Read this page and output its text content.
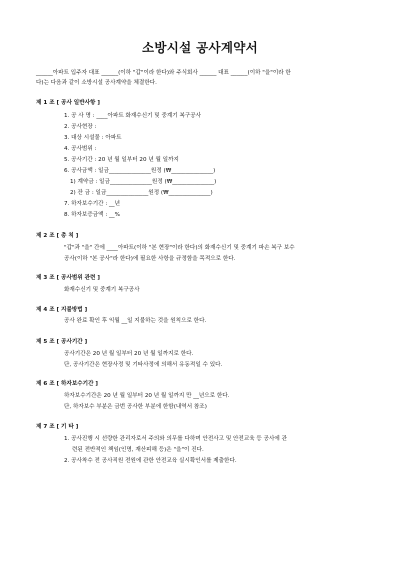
소방시설 공사계약서
______아파트 입주자 대표 ______(이하 "갑"이라 한다)와 주식회사 ______ 대표 ______(이하 "을"이라 한
다)는 다음과 같이 소방시설 공사계약을 체결한다.
제 1 조 [ 공사 일반사항 ]
1. 공 사 명 : ____아파트 화재수신기 및 중계기 복구공사
2. 공사현장 :
3. 대상 시설물 : 아파트
4. 공사범위 :
5. 공사기간 : 20 년 월 일부터 20 년 월 일까지
6. 공사금액 : 일금_______________원정 (₩_______________)
1) 계약금 : 일금_______________원정 (₩_______________)
2) 잔 금 : 일금_______________원정 (₩_______________)
7. 하자보수기간 : __년
8. 하자보증금액 : __%
제 2 조 [ 총 칙 ]
"갑"과 "을" 간에 ____아파트(이하 "본 현장"이라 한다)의 화재수신기 및 중계기 파손 복구 보수
공사(이하 "본 공사"라 한다)에 필요한 사항을 규정함을 목적으로 한다.
제 3 조 [ 공사범위 관련 ]
화재수신기 및 중계기 복구공사
제 4 조 [ 지불방법 ]
공사 완료 확인 후 익월 __일 지불하는 것을 원칙으로 한다.
제 5 조 [ 공사기간 ]
공사기간은 20 년 월 일부터 20 년 월 일까지로 한다.
단, 공사기간은 현장사정 및 기타사정에 의해서 유동적일 수 있다.
제 6 조 [ 하자보수기간 ]
하자보수기간은 20 년 월 일부터 20 년 월 일까지 만 __년으로 한다.
단, 하자보수 부분은 금번 공사한 부분에 한함(내역서 참조)
제 7 조 [ 기 타 ]
1. 공사진행 시 선량한 관리자로서 주의와 의무를 다하며 안전사고 및 안전교육 등 공사에 관
련된 전반적인 책임(인명, 재산피해 등)은 "을"이 진다.
2. 공사착수 전 공사직원 전원에 관한 안전교육 실시확인서를 제출한다.
